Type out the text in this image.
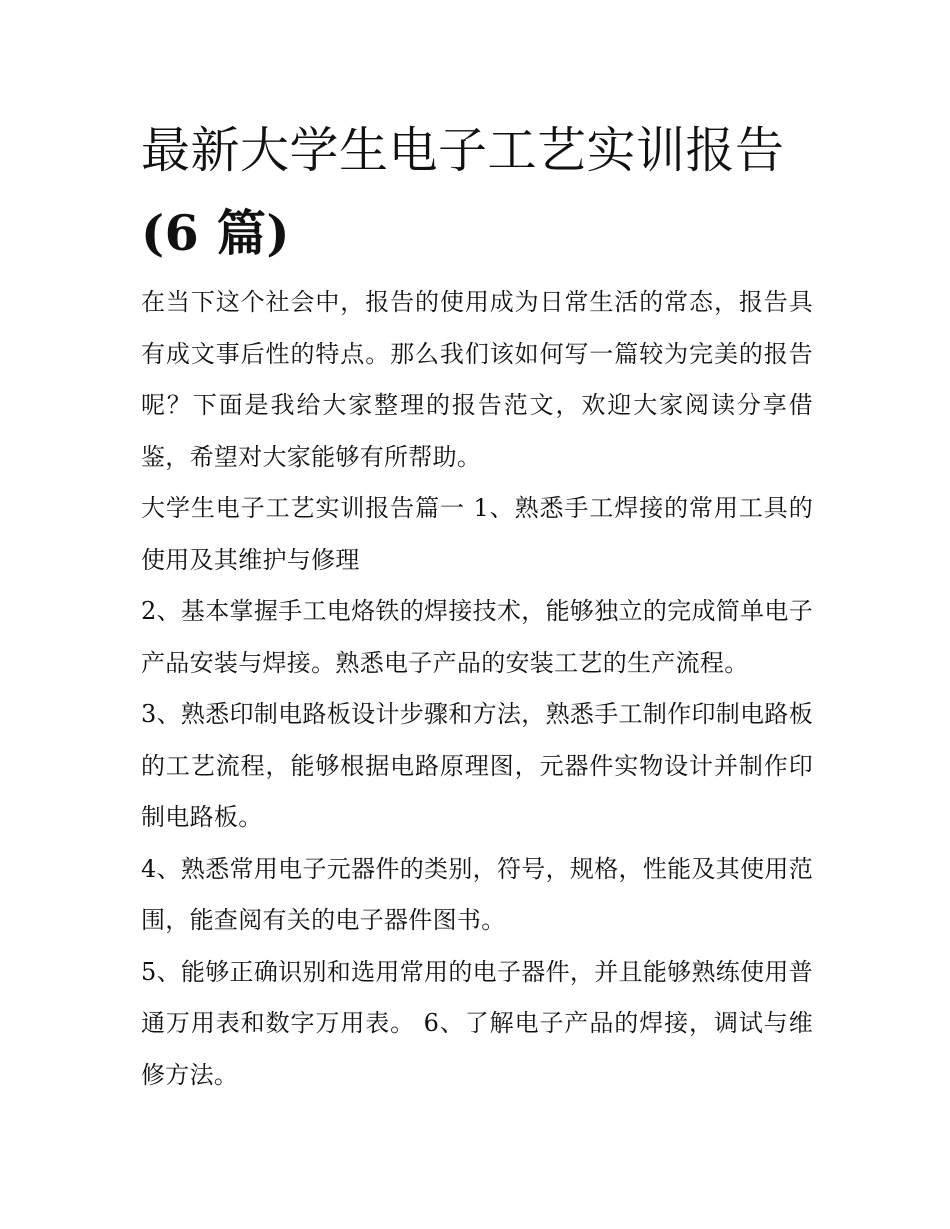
最新大学生电子工艺实训报告
(6 篇)

在当下这个社会中，报告的使用成为日常生活的常态，报告具有成文事后性的特点。那么我们该如何写一篇较为完美的报告呢？下面是我给大家整理的报告范文，欢迎大家阅读分享借鉴，希望对大家能够有所帮助。

大学生电子工艺实训报告篇一 1、熟悉手工焊接的常用工具的使用及其维护与修理

2、基本掌握手工电烙铁的焊接技术，能够独立的完成简单电子产品安装与焊接。熟悉电子产品的安装工艺的生产流程。

3、熟悉印制电路板设计步骤和方法，熟悉手工制作印制电路板的工艺流程，能够根据电路原理图，元器件实物设计并制作印制电路板。

4、熟悉常用电子元器件的类别，符号，规格，性能及其使用范围，能查阅有关的电子器件图书。

5、能够正确识别和选用常用的电子器件，并且能够熟练使用普通万用表和数字万用表。 6、了解电子产品的焊接，调试与维修方法。
